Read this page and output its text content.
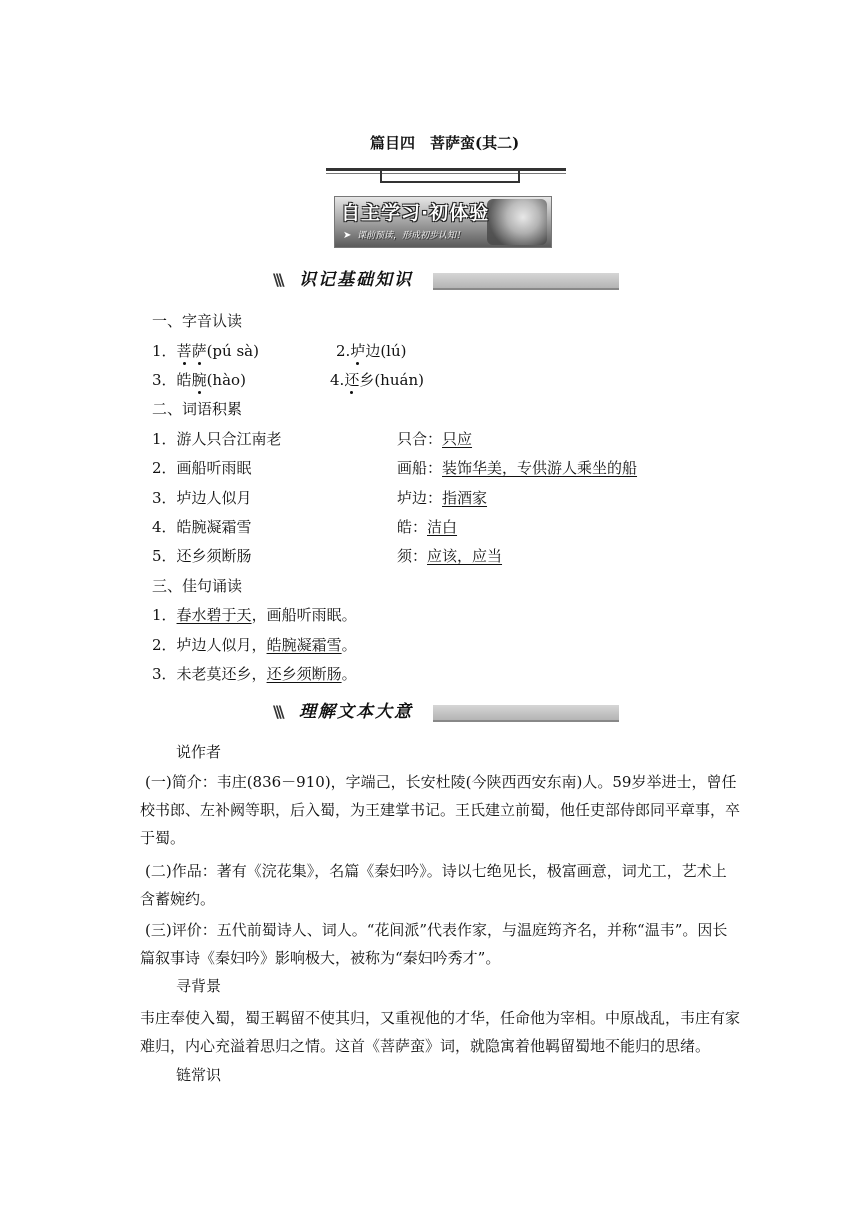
篇目四　菩萨蛮(其二)
自主学习·初体验
➤ 课前预读，形成初步认知！
\\\ 识记基础知识
一、字音认读
1．菩萨(pú sà)	2.垆边(lú)
3．皓腕(hào)	4.还乡(huán)
二、词语积累
1．游人只合江南老	只合：只应
2．画船听雨眠	画船：装饰华美，专供游人乘坐的船
3．垆边人似月	垆边：指酒家
4．皓腕凝霜雪	皓：洁白
5．还乡须断肠	须：应该，应当
三、佳句诵读
1．春水碧于天，画船听雨眠。
2．垆边人似月，皓腕凝霜雪。
3．未老莫还乡，还乡须断肠。
\\\ 理解文本大意
说作者
(一)简介：韦庄(836－910)，字端己，长安杜陵(今陕西西安东南)人。59岁举进士，曾任校书郎、左补阙等职，后入蜀，为王建掌书记。王氏建立前蜀，他任吏部侍郎同平章事，卒于蜀。
(二)作品：著有《浣花集》，名篇《秦妇吟》。诗以七绝见长，极富画意，词尤工，艺术上含蓄婉约。
(三)评价：五代前蜀诗人、词人。“花间派”代表作家，与温庭筠齐名，并称“温韦”。因长篇叙事诗《秦妇吟》影响极大，被称为“秦妇吟秀才”。
寻背景
韦庄奉使入蜀，蜀王羁留不使其归，又重视他的才华，任命他为宰相。中原战乱，韦庄有家难归，内心充溢着思归之情。这首《菩萨蛮》词，就隐寓着他羁留蜀地不能归的思绪。
链常识
